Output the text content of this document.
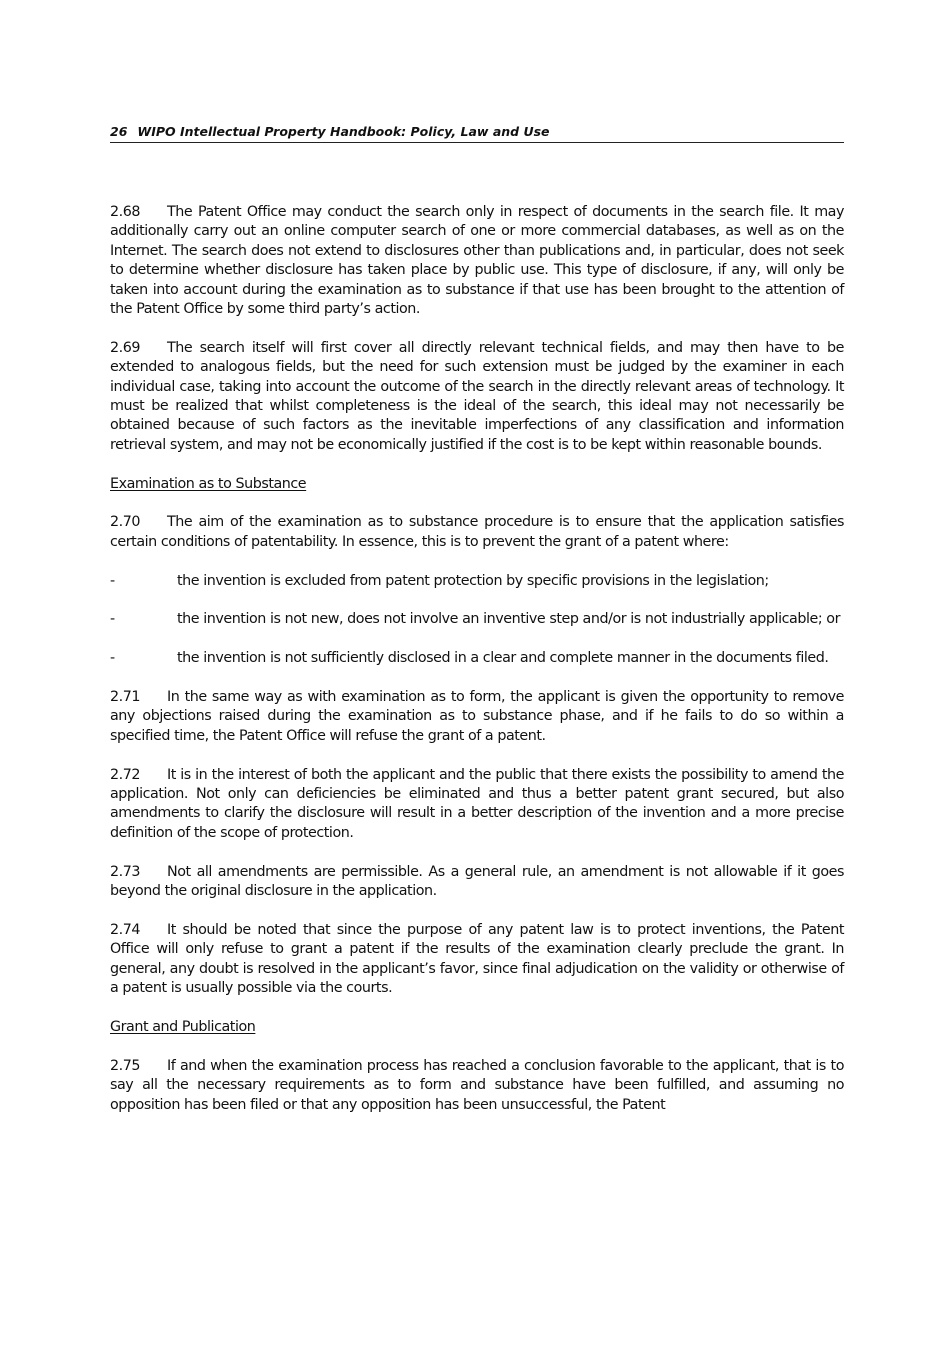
26 WIPO Intellectual Property Handbook: Policy, Law and Use

2.68 The Patent Office may conduct the search only in respect of documents in the search file. It may additionally carry out an online computer search of one or more commercial databases, as well as on the Internet. The search does not extend to disclosures other than publications and, in particular, does not seek to determine whether disclosure has taken place by public use. This type of disclosure, if any, will only be taken into account during the examination as to substance if that use has been brought to the attention of the Patent Office by some third party’s action.

2.69 The search itself will first cover all directly relevant technical fields, and may then have to be extended to analogous fields, but the need for such extension must be judged by the examiner in each individual case, taking into account the outcome of the search in the directly relevant areas of technology. It must be realized that whilst completeness is the ideal of the search, this ideal may not necessarily be obtained because of such factors as the inevitable imperfections of any classification and information retrieval system, and may not be economically justified if the cost is to be kept within reasonable bounds.

Examination as to Substance

2.70 The aim of the examination as to substance procedure is to ensure that the application satisfies certain conditions of patentability. In essence, this is to prevent the grant of a patent where:

-	the invention is excluded from patent protection by specific provisions in the legislation;
-	the invention is not new, does not involve an inventive step and/or is not industrially applicable; or
-	the invention is not sufficiently disclosed in a clear and complete manner in the documents filed.

2.71 In the same way as with examination as to form, the applicant is given the opportunity to remove any objections raised during the examination as to substance phase, and if he fails to do so within a specified time, the Patent Office will refuse the grant of a patent.

2.72 It is in the interest of both the applicant and the public that there exists the possibility to amend the application. Not only can deficiencies be eliminated and thus a better patent grant secured, but also amendments to clarify the disclosure will result in a better description of the invention and a more precise definition of the scope of protection.

2.73 Not all amendments are permissible. As a general rule, an amendment is not allowable if it goes beyond the original disclosure in the application.

2.74 It should be noted that since the purpose of any patent law is to protect inventions, the Patent Office will only refuse to grant a patent if the results of the examination clearly preclude the grant. In general, any doubt is resolved in the applicant’s favor, since final adjudication on the validity or otherwise of a patent is usually possible via the courts.

Grant and Publication

2.75 If and when the examination process has reached a conclusion favorable to the applicant, that is to say all the necessary requirements as to form and substance have been fulfilled, and assuming no opposition has been filed or that any opposition has been unsuccessful, the Patent
